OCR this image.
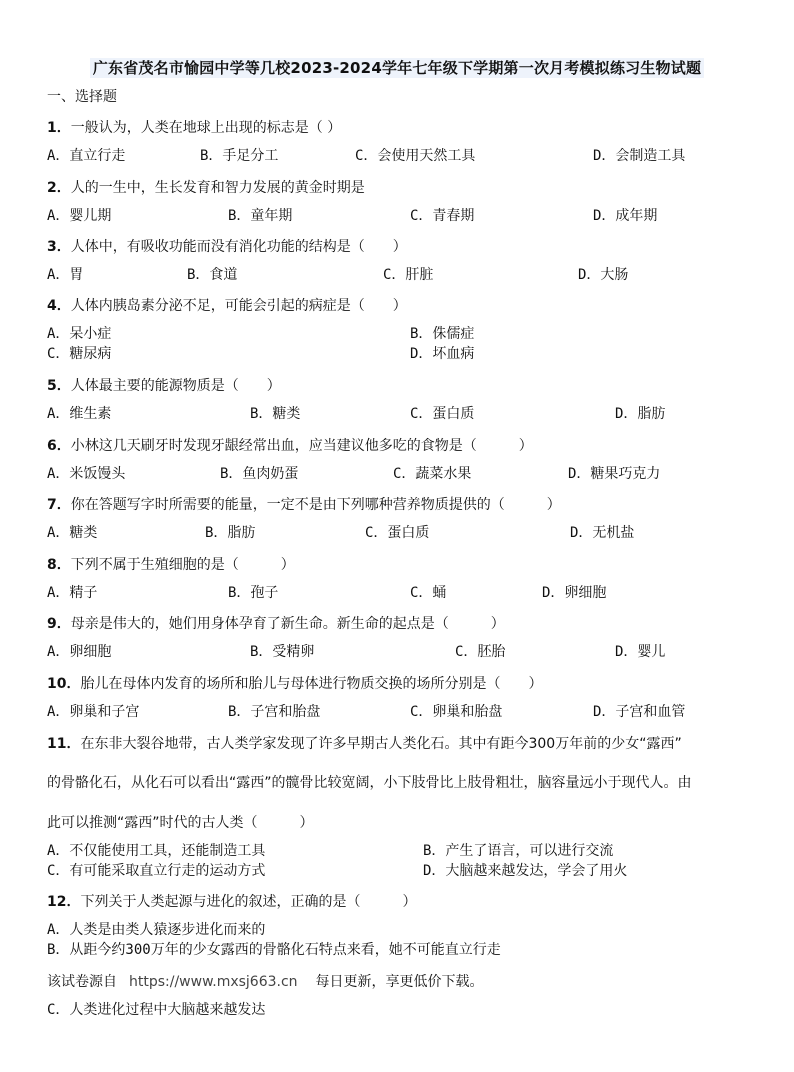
广东省茂名市愉园中学等几校2023-2024学年七年级下学期第一次月考模拟练习生物试题
一、选择题
1．一般认为，人类在地球上出现的标志是（ ）
A．直立行走	B．手足分工	C．会使用天然工具	D．会制造工具
2．人的一生中，生长发育和智力发展的黄金时期是
A．婴儿期	B．童年期	C．青春期	D．成年期
3．人体中，有吸收功能而没有消化功能的结构是（　　）
A．胃	B．食道	C．肝脏	D．大肠
4．人体内胰岛素分泌不足，可能会引起的病症是（　　）
A．呆小症	B．侏儒症
C．糖尿病	D．坏血病
5．人体最主要的能源物质是（　　）
A．维生素	B．糖类	C．蛋白质	D．脂肪
6．小林这几天刷牙时发现牙龈经常出血，应当建议他多吃的食物是（　　　）
A．米饭馒头	B．鱼肉奶蛋	C．蔬菜水果	D．糖果巧克力
7．你在答题写字时所需要的能量，一定不是由下列哪种营养物质提供的（　　　）
A．糖类	B．脂肪	C．蛋白质	D．无机盐
8．下列不属于生殖细胞的是（　　　）
A．精子	B．孢子	C．蛹	D．卵细胞
9．母亲是伟大的，她们用身体孕育了新生命。新生命的起点是（　　　）
A．卵细胞	B．受精卵	C．胚胎	D．婴儿
10．胎儿在母体内发育的场所和胎儿与母体进行物质交换的场所分别是（　　）
A．卵巢和子宫	B．子宫和胎盘	C．卵巢和胎盘	D．子宫和血管
11．在东非大裂谷地带，古人类学家发现了许多早期古人类化石。其中有距今300万年前的少女“露西”
的骨骼化石，从化石可以看出“露西”的髋骨比较宽阔，小下肢骨比上肢骨粗壮，脑容量远小于现代人。由
此可以推测“露西”时代的古人类（　　　）
A．不仅能使用工具，还能制造工具	B．产生了语言，可以进行交流
C．有可能采取直立行走的运动方式	D．大脑越来越发达，学会了用火
12．下列关于人类起源与进化的叙述，正确的是（　　　）
A．人类是由类人猿逐步进化而来的
B．从距今约300万年的少女露西的骨骼化石特点来看，她不可能直立行走
该试卷源自 https://www.mxsj663.cn 每日更新，享更低价下载。
C．人类进化过程中大脑越来越发达
